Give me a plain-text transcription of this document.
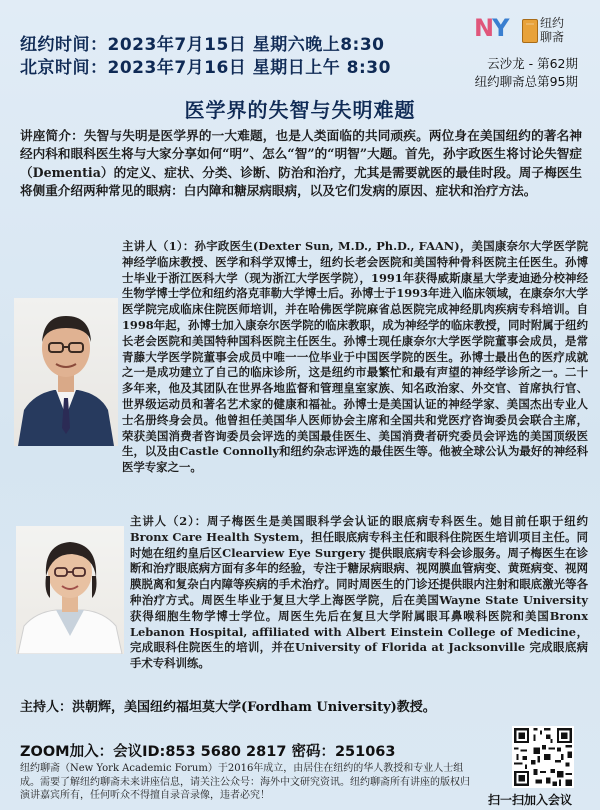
纽约时间：2023年7月15日 星期六晚上8:30
北京时间：2023年7月16日 星期日上午 8:30
NY	纽约聊斋
云沙龙 - 第62期
纽约聊斋总第95期
医学界的失智与失明难题
讲座简介：失智与失明是医学界的一大难题，也是人类面临的共同顽疾。两位身在美国纽约的著名神经内科和眼科医生将与大家分享如何“明”、怎么“智”的“明智”大题。首先，孙宇政医生将讨论失智症（Dementia）的定义、症状、分类、诊断、防治和治疗，尤其是需要就医的最佳时段。周子梅医生将侧重介绍两种常见的眼病：白内障和糖尿病眼病，以及它们发病的原因、症状和治疗方法。
主讲人（1）：孙宇政医生(Dexter Sun, M.D., Ph.D., FAAN)，美国康奈尔大学医学院神经学临床教授、医学和科学双博士，纽约长老会医院和美国特种骨科医院主任医生。孙博士毕业于浙江医科大学（现为浙江大学医学院），1991年获得威斯康星大学麦迪逊分校神经生物学博士学位和纽约洛克菲勒大学博士后。孙博士于1993年进入临床领域，在康奈尔大学医学院完成临床住院医师培训，并在哈佛医学院麻省总医院完成神经肌肉疾病专科培训。自1998年起，孙博士加入康奈尔医学院的临床教职，成为神经学的临床教授，同时附属于纽约长老会医院和美国特种国科医院主任医生。孙博士现任康奈尔大学医学院董事会成员，是常青藤大学医学院董事会成员中唯一一位毕业于中国医学院的医生。孙博士最出色的医疗成就之一是成功建立了自己的临床诊所，这是纽约市最繁忙和最有声望的神经学诊所之一。二十多年来，他及其团队在世界各地监督和管理皇室家族、知名政治家、外交官、首席执行官、世界级运动员和著名艺术家的健康和福祉。孙博士是美国认证的神经学家、美国杰出专业人士名册终身会员。他曾担任美国华人医师协会主席和全国共和党医疗咨询委员会联合主席，荣获美国消费者咨询委员会评选的美国最佳医生、美国消费者研究委员会评选的美国顶级医生，以及由Castle Connolly和纽约杂志评选的最佳医生等。他被全球公认为最好的神经科医学专家之一。
主讲人（2）：周子梅医生是美国眼科学会认证的眼底病专科医生。她目前任职于纽约Bronx Care Health System，担任眼底病专科主任和眼科住院医生培训项目主任。同时她在纽约皇后区Clearview Eye Surgery 提供眼底病专科会诊服务。周子梅医生在诊断和治疗眼底病方面有多年的经验，专注于糖尿病眼病、视网膜血管病变、黄斑病变、视网膜脱离和复杂白内障等疾病的手术治疗。同时周医生的门诊还提供眼内注射和眼底激光等各种治疗方式。周医生毕业于复旦大学上海医学院，后在美国Wayne State University 获得细胞生物学博士学位。周医生先后在复旦大学附属眼耳鼻喉科医院和美国Bronx Lebanon Hospital, affiliated with Albert Einstein College of Medicine，完成眼科住院医生的培训，并在University of Florida at Jacksonville 完成眼底病手术专科训练。
主持人：洪朝辉，美国纽约福坦莫大学(Fordham University)教授。
ZOOM加入：会议ID:853 5680 2817 密码：251063
纽约聊斋（New York Academic Forum）于2016年成立，由居住在纽约的华人教授和专业人士组成。需要了解纽约聊斋未来讲座信息，请关注公众号：海外中文研究资讯。纽约聊斋所有讲座的版权归演讲嘉宾所有，任何听众不得擅自录音录像，违者必究！	扫一扫加入会议
